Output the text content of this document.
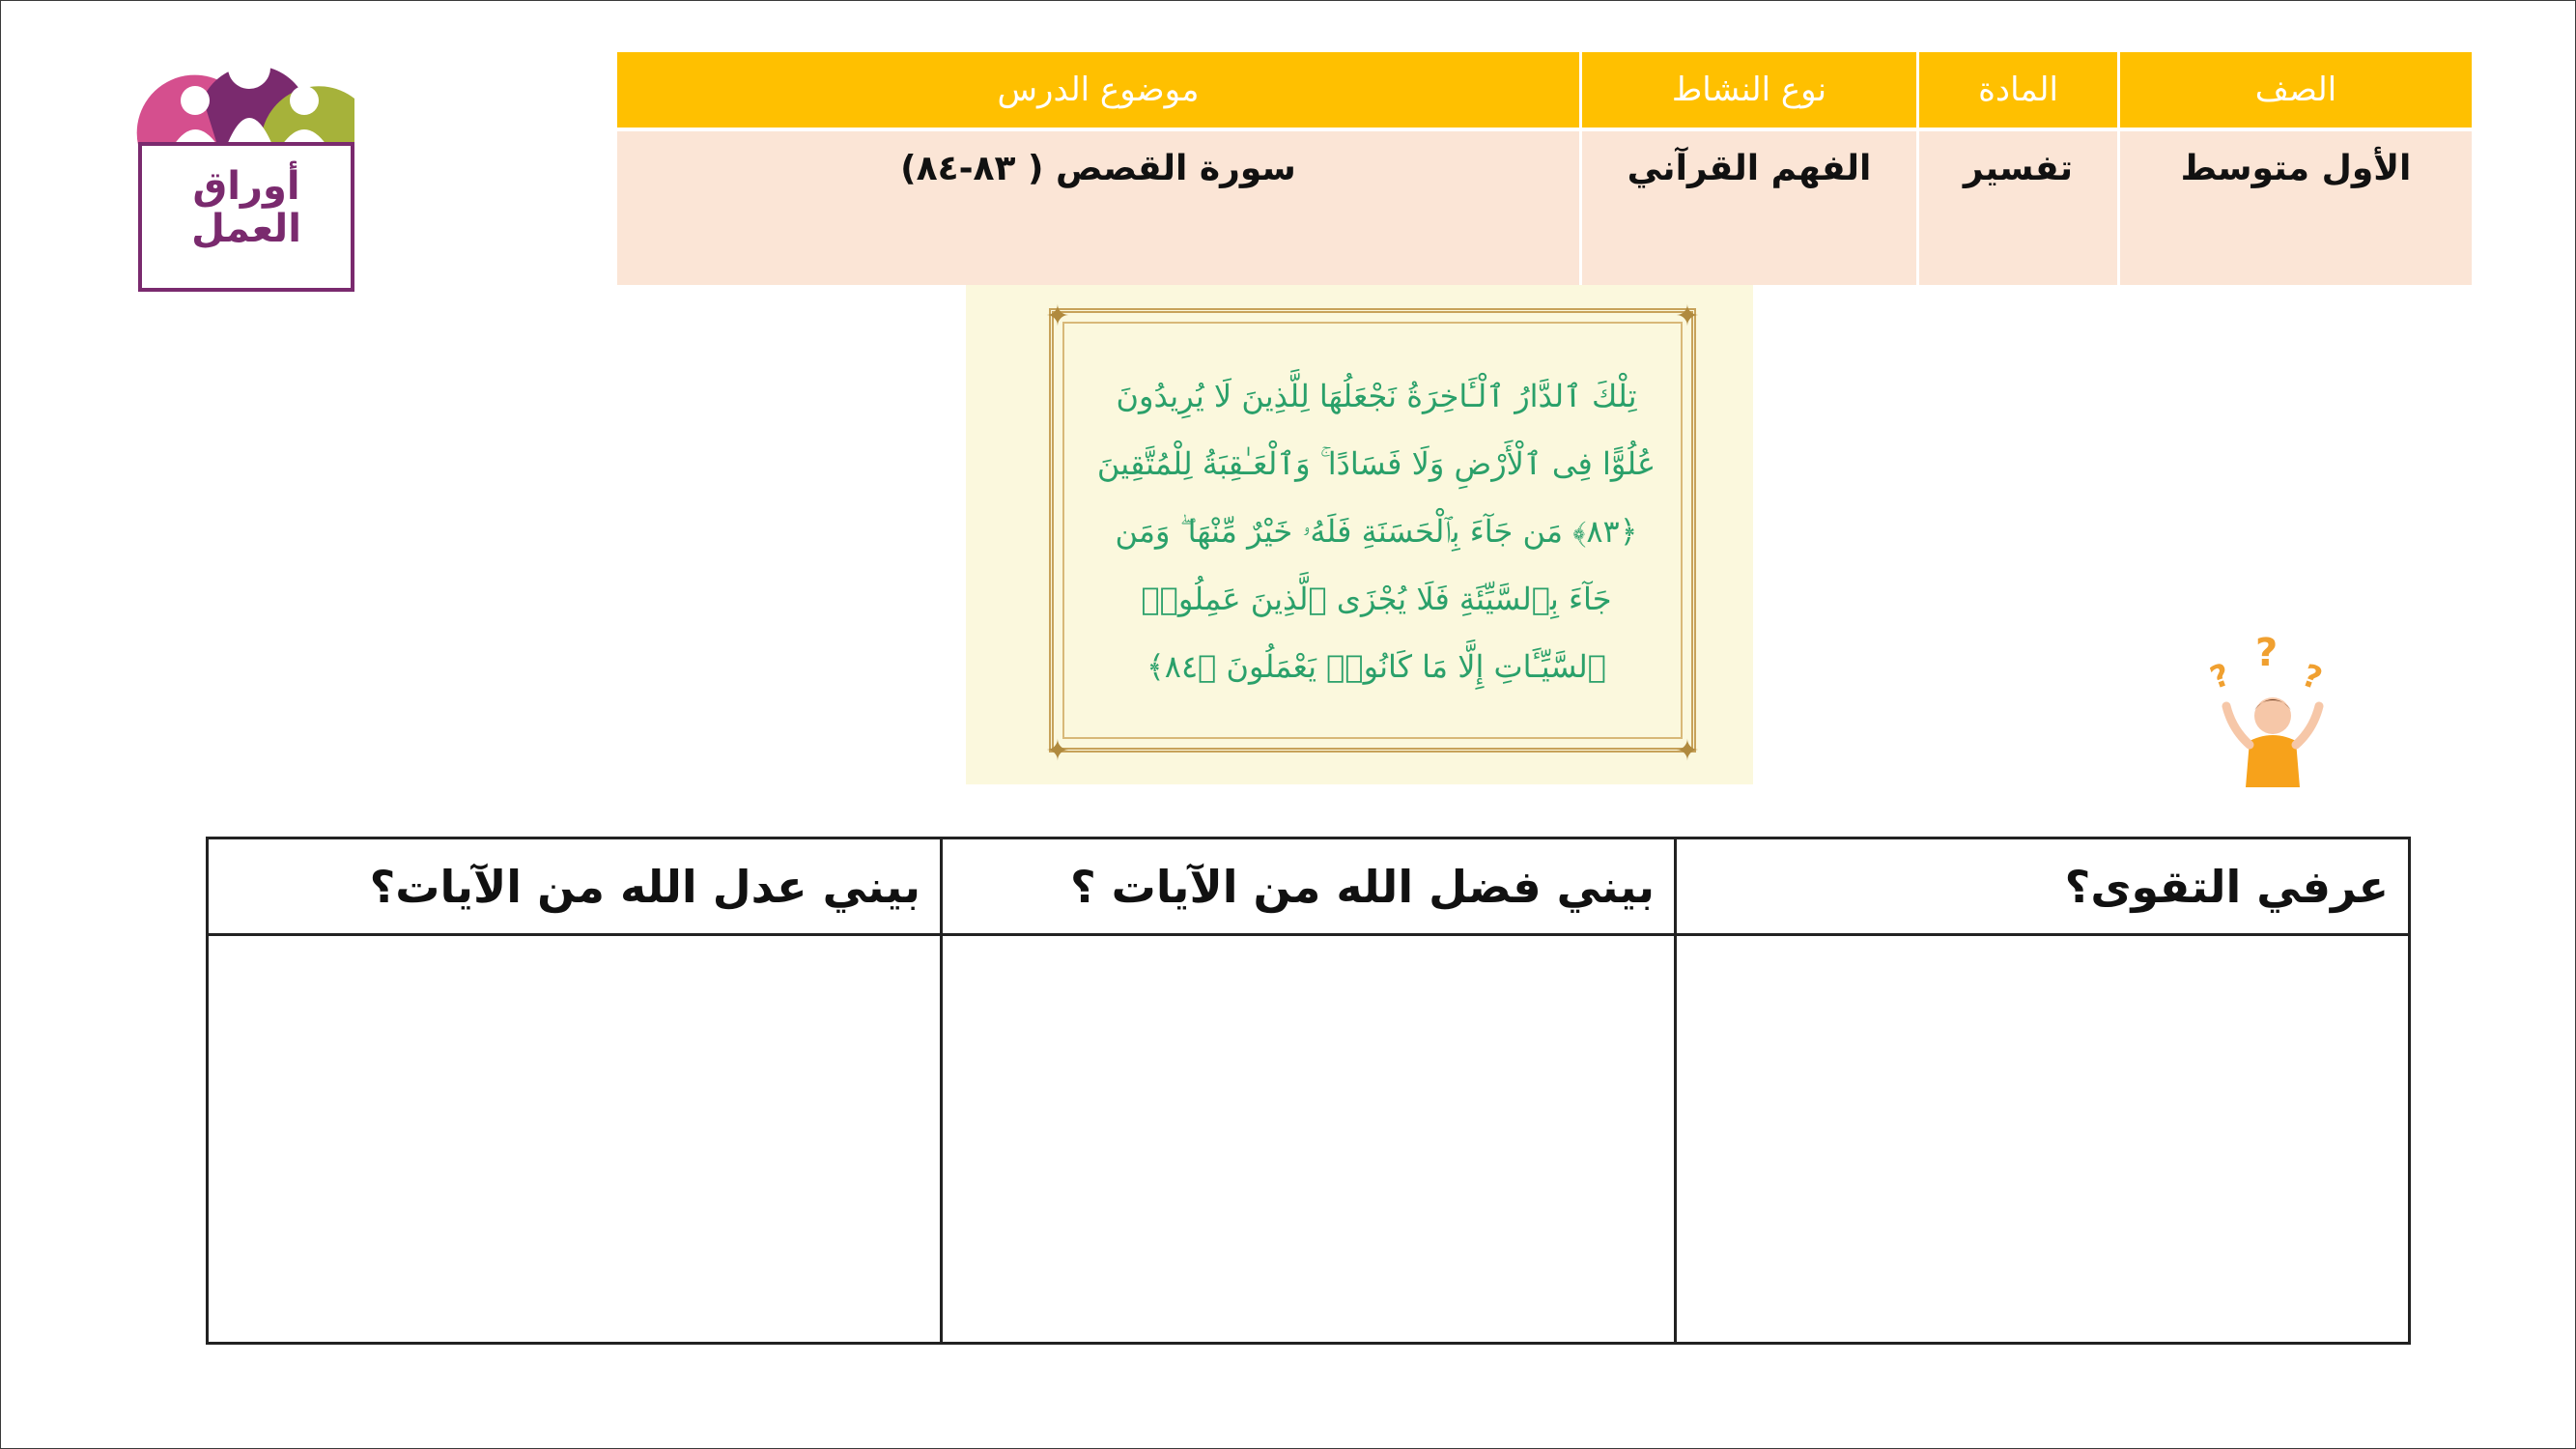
أوراق
العمل
الصف	المادة	نوع النشاط	موضوع الدرس
الأول متوسط	تفسير	الفهم القرآني	سورة القصص ( ٨٣-٨٤)
✦	✦
✦	✦
تِلْكَ ٱلدَّارُ ٱلْـَٔاخِرَةُ نَجْعَلُهَا لِلَّذِينَ لَا يُرِيدُونَ
عُلُوًّا فِى ٱلْأَرْضِ وَلَا فَسَادًا ۚ وَٱلْعَـٰقِبَةُ لِلْمُتَّقِينَ
﴿٨٣﴾ مَن جَآءَ بِٱلْحَسَنَةِ فَلَهُۥ خَيْرٌ مِّنْهَا ۖ وَمَن
جَآءَ بِٱلسَّيِّئَةِ فَلَا يُجْزَى ٱلَّذِينَ عَمِلُوا۟
ٱلسَّيِّـَٔاتِ إِلَّا مَا كَانُوا۟ يَعْمَلُونَ ﴿٨٤﴾	?
? ?
عرفي التقوى؟	بيني فضل الله من الآيات ؟	بيني عدل الله من الآيات؟
